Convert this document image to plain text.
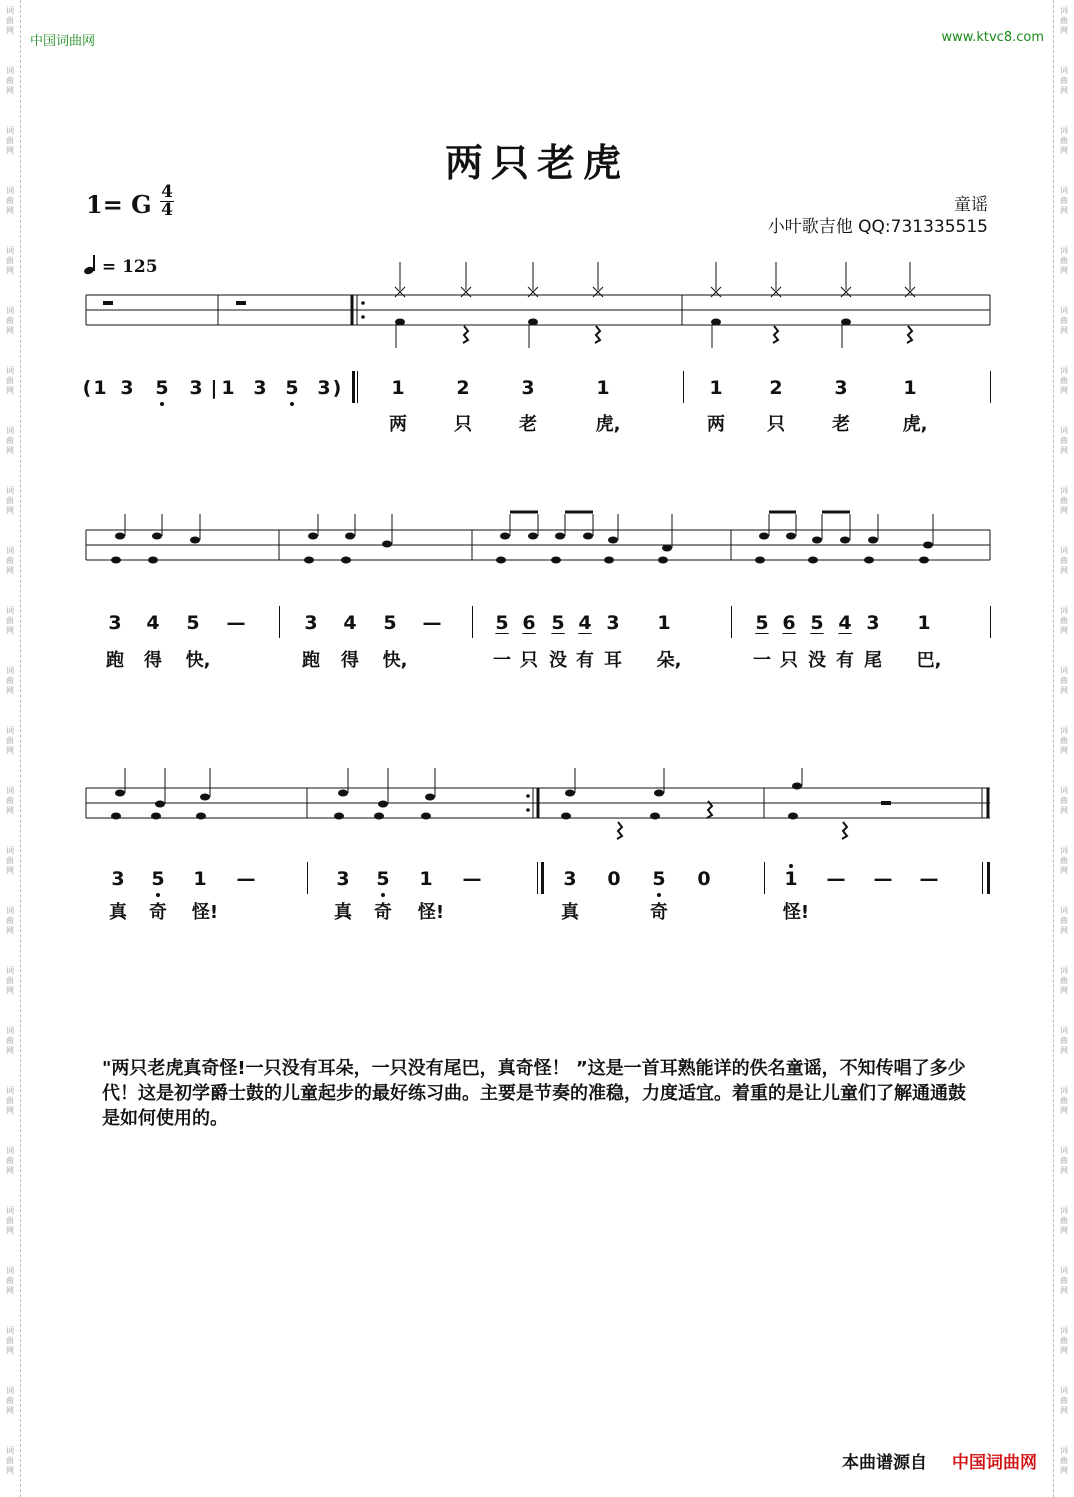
词
曲
网
词
曲
网
词
曲
网
词
曲
网
词
曲
网
词
曲
网
词
曲
网
词
曲
网
词
曲
网
词
曲
网
词
曲
网
词
曲
网
词
曲
网
词
曲
网
词
曲
网
词
曲
网
词
曲
网
词
曲
网
词
曲
网
词
曲
网
词
曲
网
词
曲
网
词
曲
网
词
曲
网
词
曲
网
词
曲
网
词
曲
网
词
曲
网
词
曲
网
词
曲
网
词
曲
网
词
曲
网
词
曲
网
词
曲
网
词
曲
网
词
曲
网
词
曲
网
词
曲
网
词
曲
网
词
曲
网
词
曲
网
词
曲
网
词
曲
网
词
曲
网
词
曲
网
词
曲
网
词
曲
网
词
曲
网
词
曲
网
词
曲
网
中国词曲网	www.ktvc8.com
两只老虎
1= G 4
4	童谣
小叶歌吉他 QQ:731335515
= 125
( 1 3	5	3 | 1 3 5 3 )	1	2	3	1	1	2	3	1
两	只	老	虎,	两	只	老	虎,
3	4	5	—	3	4	5	—	5 6 5 4 3	1	5 6 5 4 3	1
跑	得	快,	跑	得	快,	一 只 没 有 耳	朵,	一 只 没 有 尾	巴,
3	5	1	—	3	5	1	—	3	0	5	0	1	— — —
真	奇	怪!	真	奇	怪!	真	奇	怪!
"两只老虎真奇怪!一只没有耳朵，一只没有尾巴，真奇怪！ ”这是一首耳熟能详的佚名童谣，不知传唱了多少代！这是初学爵士鼓的儿童起步的最好练习曲。主要是节奏的准稳，力度适宜。着重的是让儿童们了解通通鼓是如何使用的。
本曲谱源自 中国词曲网
